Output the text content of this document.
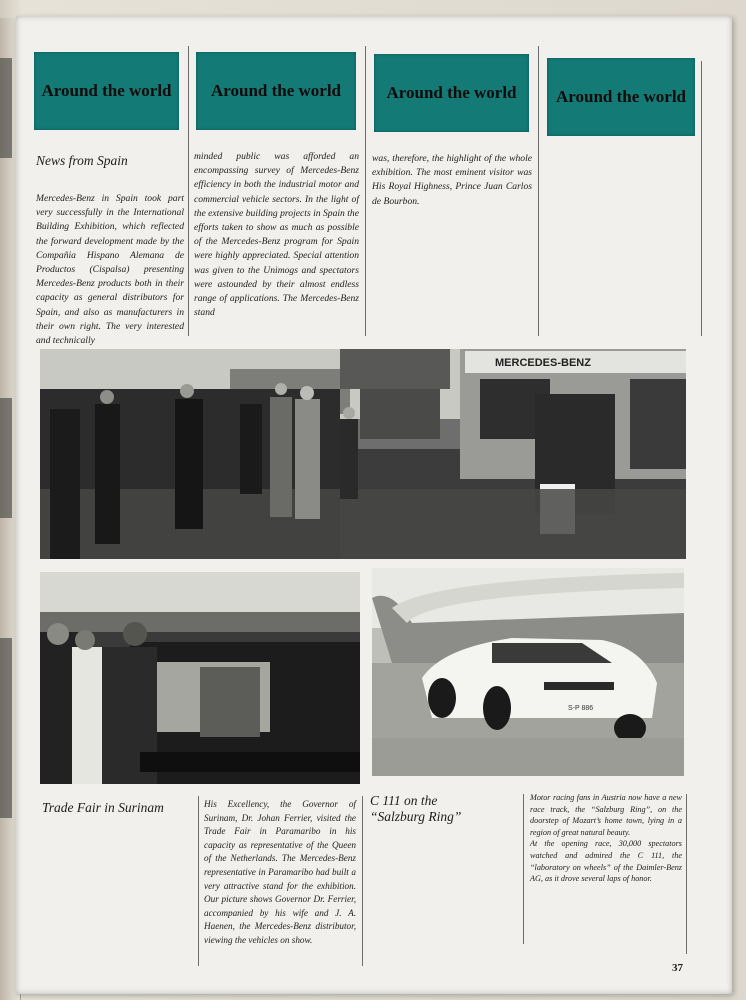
Around the world	Around the world	Around the world	Around the world
News from Spain

Mercedes-Benz in Spain took part very successfully in the International Building Exhibition, which reflected the forward development made by the Compañia Hispano Alemana de Productos (Cispalsa) presenting Mercedes-Benz products both in their capacity as general distributors for Spain, and also as manufacturers in their own right. The very interested and technically

minded public was afforded an encompassing survey of Mercedes-Benz efficiency in both the industrial motor and commercial vehicle sectors. In the light of the extensive building projects in Spain the efforts taken to show as much as possible of the Mercedes-Benz program for Spain were highly appreciated. Special attention was given to the Unimogs and spectators were astounded by their almost endless range of applications. The Mercedes-Benz stand

was, therefore, the highlight of the whole exhibition. The most eminent visitor was His Royal Highness, Prince Juan Carlos de Bourbon.

MERCEDES-BENZ
S-P 886
Trade Fair in Surinam	His Excellency, the Governor of Surinam, Dr. Johan Ferrier, visited the Trade Fair in Paramaribo in his capacity as representative of the Queen of the Netherlands. The Mercedes-Benz representative in Paramaribo had built a very attractive stand for the exhibition. Our picture shows Governor Dr. Ferrier, accompanied by his wife and J. A. Haenen, the Mercedes-Benz distributor, viewing the vehicles on show.

C 111 on the
“Salzburg Ring”

Motor racing fans in Austria now have a new race track, the “Salzburg Ring”, on the doorstep of Mozart’s home town, lying in a region of great natural beauty.

At the opening race, 30,000 spectators watched and admired the C 111, the “laboratory on wheels” of the Daimler-Benz AG, as it drove several laps of honor.

37
